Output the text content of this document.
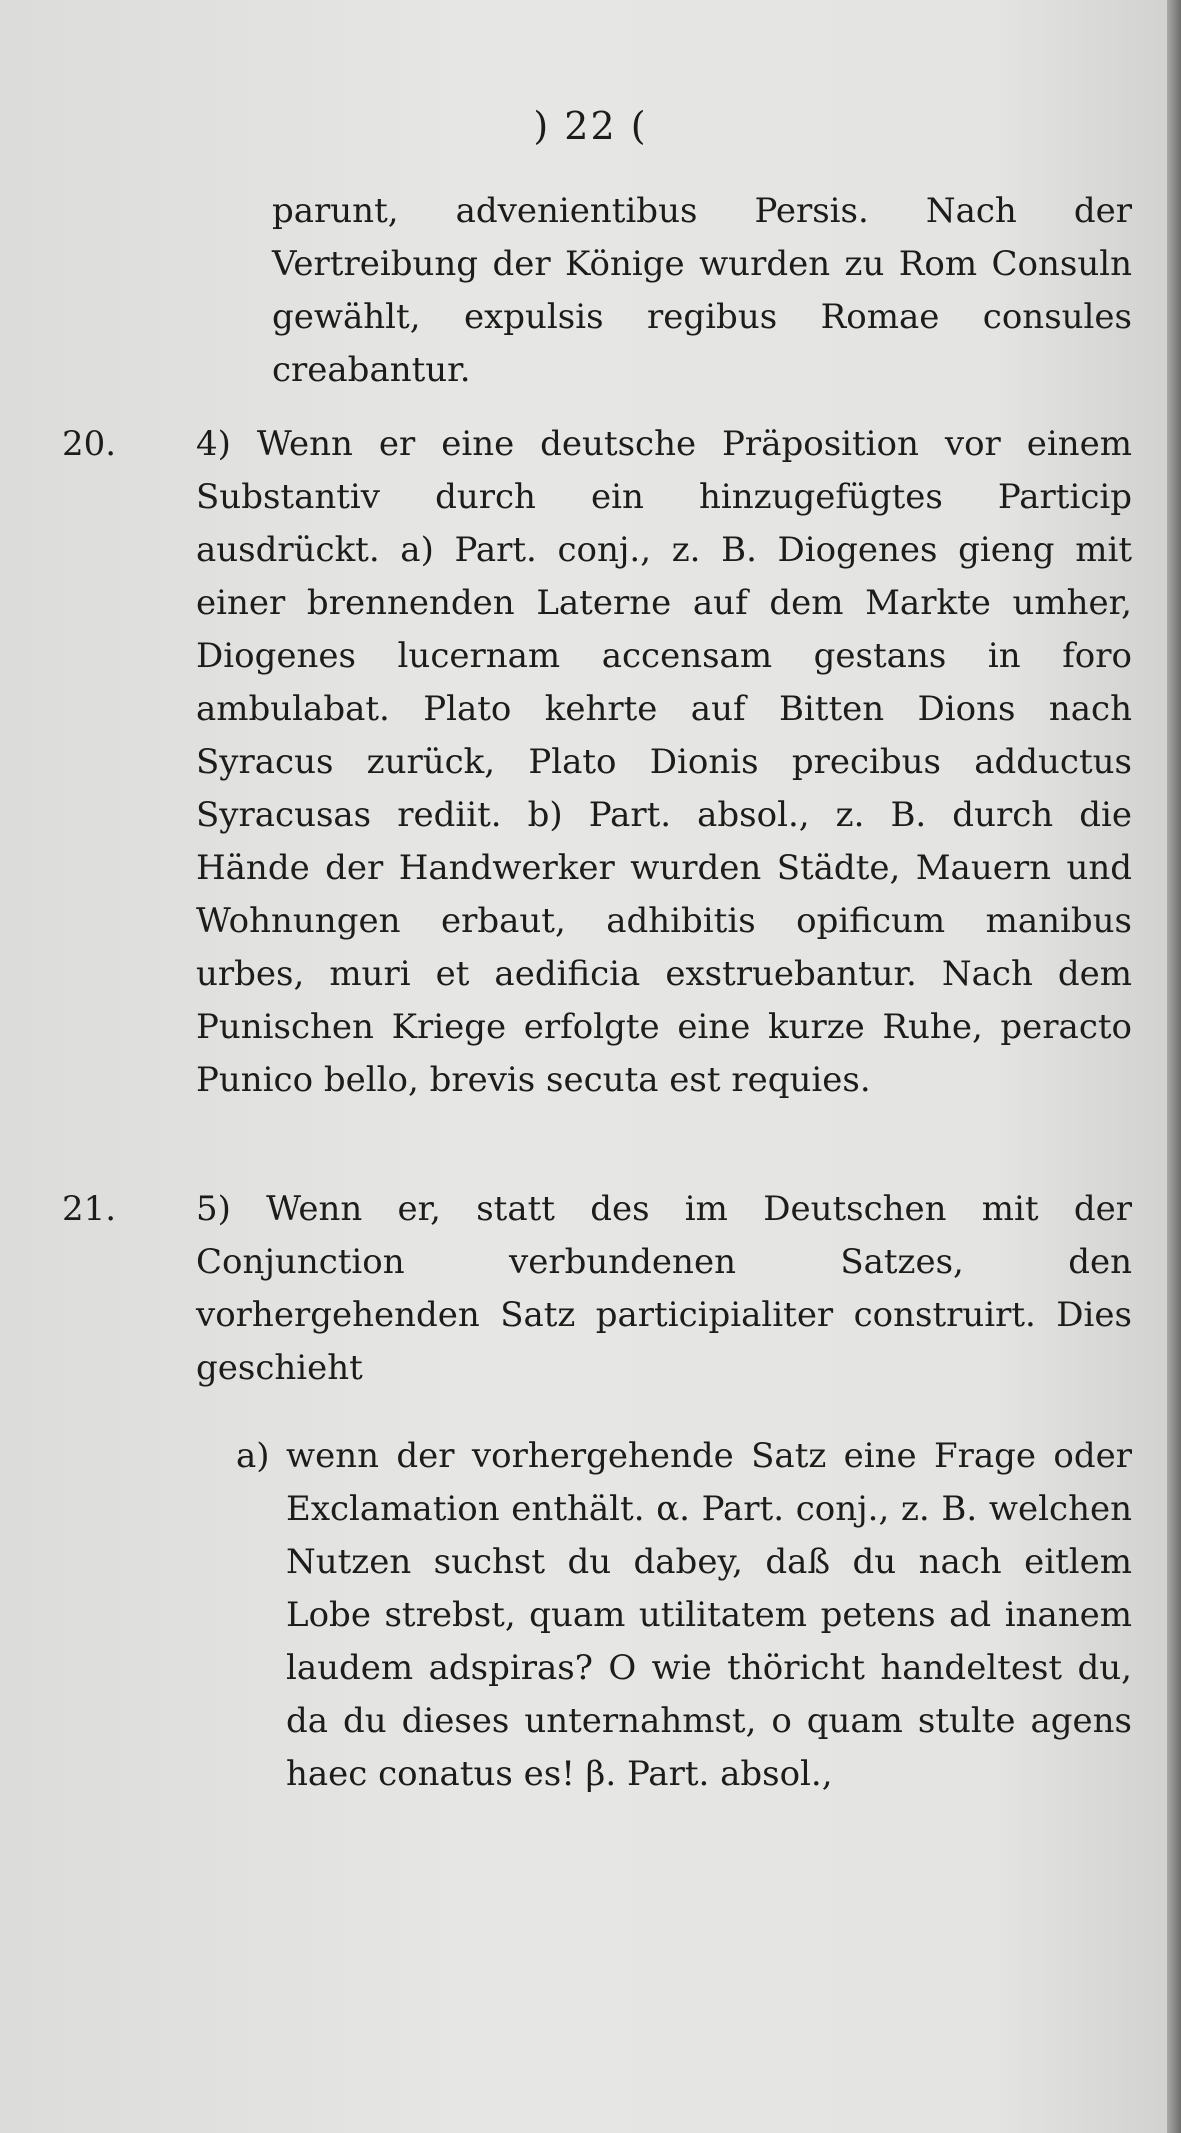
) 22 (
parunt, advenientibus Persis. Nach der Vertreibung der Könige wurden zu Rom Consuln gewählt, expulsis regibus Romae consules creabantur.
20. 4) Wenn er eine deutsche Präposition vor einem Substantiv durch ein hinzugefügtes Particip ausdrückt. a) Part. conj., z. B. Diogenes gieng mit einer brennenden Laterne auf dem Markte umher, Diogenes lucernam accensam gestans in foro ambulabat. Plato kehrte auf Bitten Dions nach Syracus zurück, Plato Dionis precibus adductus Syracusas rediit. b) Part. absol., z. B. durch die Hände der Handwerker wurden Städte, Mauern und Wohnungen erbaut, adhibitis opificum manibus urbes, muri et aedificia exstruebantur. Nach dem Punischen Kriege erfolgte eine kurze Ruhe, peracto Punico bello, brevis secuta est requies.
21. 5) Wenn er, statt des im Deutschen mit der Conjunction verbundenen Satzes, den vorhergehenden Satz participialiter construirt. Dies geschieht
a) wenn der vorhergehende Satz eine Frage oder Exclamation enthält. α. Part. conj., z. B. welchen Nutzen suchst du dabey, daß du nach eitlem Lobe strebst, quam utilitatem petens ad inanem laudem adspiras? O wie thöricht handeltest du, da du dieses unternahmst, o quam stulte agens haec conatus es! β. Part. absol.,
